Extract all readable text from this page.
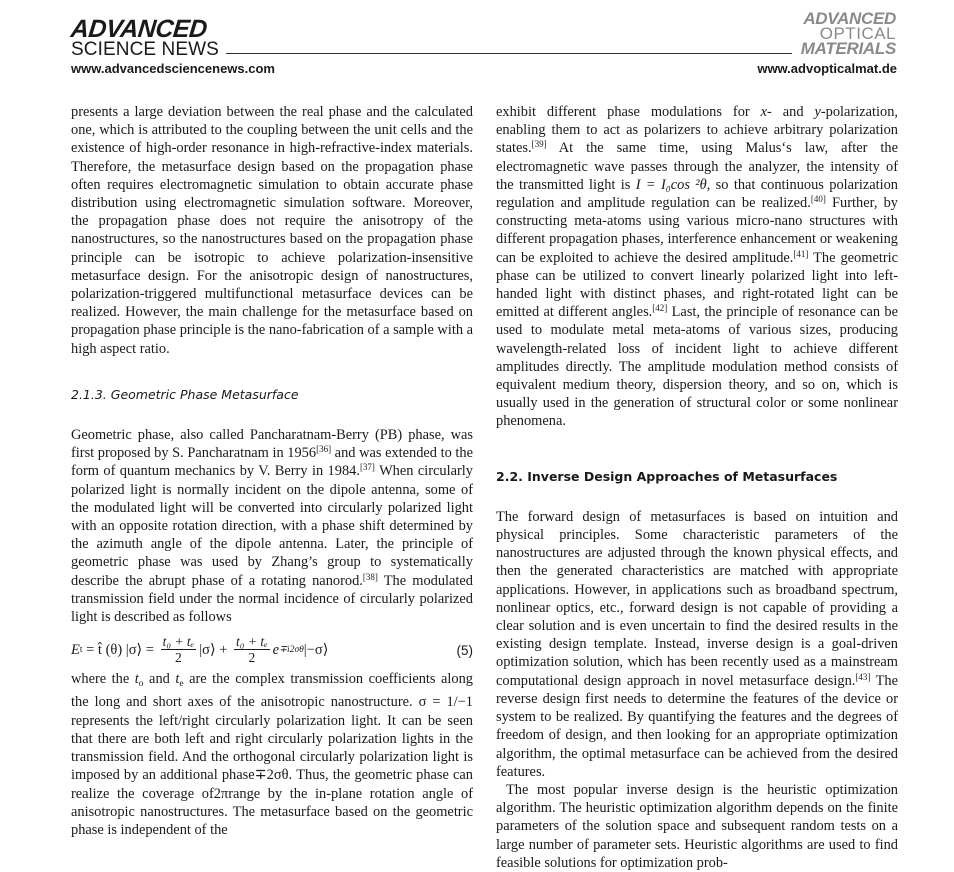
ADVANCED
SCIENCE NEWS
www.advancedsciencenews.com
ADVANCED
OPTICAL
MATERIALS
www.advopticalmat.de

presents a large deviation between the real phase and the calculated one, which is attributed to the coupling between the unit cells and the existence of high-order resonance in high-refractive-index materials. Therefore, the metasurface design based on the propagation phase often requires electromagnetic simulation to obtain accurate phase distribution using electromagnetic simulation software. Moreover, the propagation phase does not require the anisotropy of the nanostructures, so the nanostructures based on the propagation phase principle can be isotropic to achieve polarization-insensitive metasurface design. For the anisotropic design of nanostructures, polarization-triggered multifunctional metasurface devices can be realized. However, the main challenge for the metasurface based on propagation phase principle is the nano-fabrication of a sample with a high aspect ratio.

2.1.3. Geometric Phase Metasurface

Geometric phase, also called Pancharatnam-Berry (PB) phase, was first proposed by S. Pancharatnam in 1956[36] and was extended to the form of quantum mechanics by V. Berry in 1984.[37] When circularly polarized light is normally incident on the dipole antenna, some of the modulated light will be converted into circularly polarized light with an opposite rotation direction, with a phase shift determined by the azimuth angle of the dipole antenna. Later, the principle of geometric phase was used by Zhang’s group to systematically describe the abrupt phase of a rotating nanorod.[38] The modulated transmission field under the normal incidence of circularly polarized light is described as follows

E t = t̂ (θ) |σ⟩ = $\frac{\text{t₀ + tₑ}}{2}$ |σ⟩ + $\frac{\text{t₀ + tₑ}}{2}$ e ∓i2σθ |−σ⟩	(5)

where the $t_o$ and $t_e$ are the complex transmission coefficients along the long and short axes of the anisotropic nanostructure. σ = 1/−1 represents the left/right circularly polarization light. It can be seen that there are both left and right circularly polarization lights in the transmission field. And the orthogonal circularly polarization light is imposed by an additional phase∓2σθ. Thus, the geometric phase can realize the coverage of2πrange by the in-plane rotation angle of anisotropic nanostructures. The metasurface based on the geometric phase is independent of the

exhibit different phase modulations for x- and y-polarization, enabling them to act as polarizers to achieve arbitrary polarization states.[39] At the same time, using Malus‘s law, after the electromagnetic wave passes through the analyzer, the intensity of the transmitted light is I = I₀cos ²θ, so that continuous polarization regulation and amplitude regulation can be realized.[40] Further, by constructing meta-atoms using various micro-nano structures with different propagation phases, interference enhancement or weakening can be exploited to achieve the desired amplitude.[41] The geometric phase can be utilized to convert linearly polarized light into left-handed light with distinct phases, and right-rotated light can be emitted at different angles.[42] Last, the principle of resonance can be used to modulate metal meta-atoms of various sizes, producing wavelength-related loss of incident light to achieve different amplitudes directly. The amplitude modulation method consists of equivalent medium theory, dispersion theory, and so on, which is usually used in the generation of structural color or some nonlinear phenomena.

2.2. Inverse Design Approaches of Metasurfaces

The forward design of metasurfaces is based on intuition and physical principles. Some characteristic parameters of the nanostructures are adjusted through the known physical effects, and then the generated characteristics are matched with appropriate applications. However, in applications such as broadband spectrum, nonlinear optics, etc., forward design is not capable of providing a clear solution and is even uncertain to find the desired results in the existing design template. Instead, inverse design is a goal-driven optimization solution, which has been recently used as a mainstream computational design approach in novel metasurface design.[43] The reverse design first needs to determine the features of the device or system to be realized. By quantifying the features and the degrees of freedom of design, and then looking for an appropriate optimization algorithm, the optimal metasurface can be achieved from the desired features.

The most popular inverse design is the heuristic optimization algorithm. The heuristic optimization algorithm depends on the finite parameters of the solution space and subsequent random tests on a large number of parameter sets. Heuristic algorithms are used to find feasible solutions for optimization prob-
